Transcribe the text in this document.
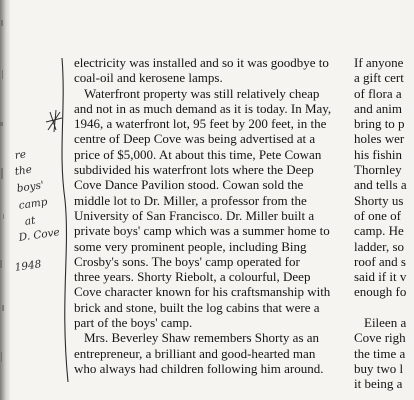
re
the
boys'
camp
at
D. Cove
1948
electricity was installed and so it was goodbye to
coal-oil and kerosene lamps.
Waterfront property was still relatively cheap
and not in as much demand as it is today. In May,
1946, a waterfront lot, 95 feet by 200 feet, in the
centre of Deep Cove was being advertised at a
price of $5,000. At about this time, Pete Cowan
subdivided his waterfront lots where the Deep
Cove Dance Pavilion stood. Cowan sold the
middle lot to Dr. Miller, a professor from the
University of San Francisco. Dr. Miller built a
private boys' camp which was a summer home to
some very prominent people, including Bing
Crosby's sons. The boys' camp operated for
three years. Shorty Riebolt, a colourful, Deep
Cove character known for his craftsmanship with
brick and stone, built the log cabins that were a
part of the boys' camp.
Mrs. Beverley Shaw remembers Shorty as an
entrepreneur, a brilliant and good-hearted man
who always had children following him around.
If anyone
a gift cert
of flora a
and anim
bring to p
holes wer
his fishin
Thornley
and tells a
Shorty us
of one of
camp. He
ladder, so
roof and s
said if it v
enough fo
Eileen a
Cove righ
the time a
buy two l
it being a
